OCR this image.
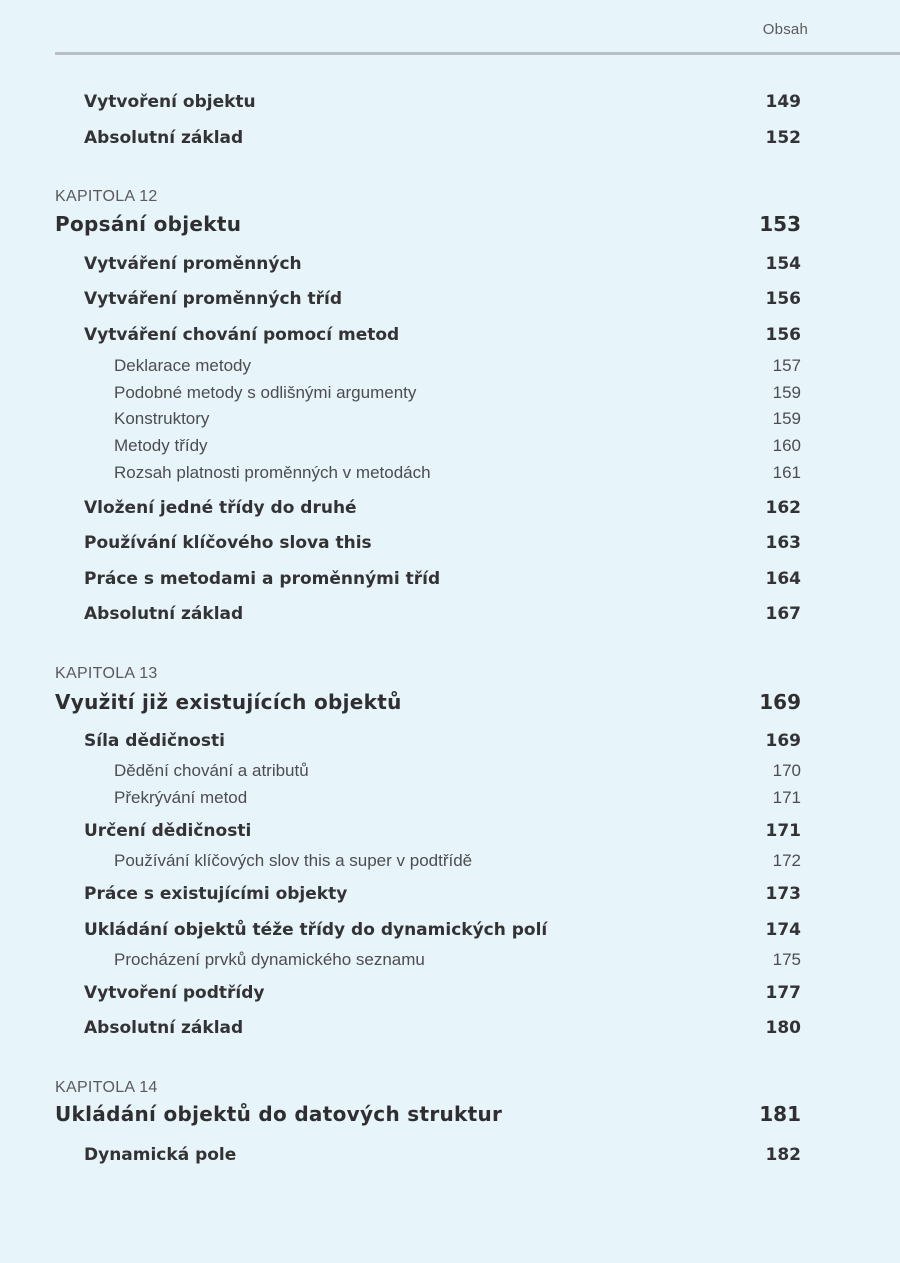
Obsah
Vytvoření objektu	149
Absolutní základ	152
KAPITOLA 12
Popsání objektu	153
Vytváření proměnných	154
Vytváření proměnných tříd	156
Vytváření chování pomocí metod	156
Deklarace metody	157
Podobné metody s odlišnými argumenty	159
Konstruktory	159
Metody třídy	160
Rozsah platnosti proměnných v metodách	161
Vložení jedné třídy do druhé	162
Používání klíčového slova this	163
Práce s metodami a proměnnými tříd	164
Absolutní základ	167
KAPITOLA 13
Využití již existujících objektů	169
Síla dědičnosti	169
Dědění chování a atributů	170
Překrývání metod	171
Určení dědičnosti	171
Používání klíčových slov this a super v podtřídě	172
Práce s existujícími objekty	173
Ukládání objektů téže třídy do dynamických polí	174
Procházení prvků dynamického seznamu	175
Vytvoření podtřídy	177
Absolutní základ	180
KAPITOLA 14
Ukládání objektů do datových struktur	181
Dynamická pole	182
